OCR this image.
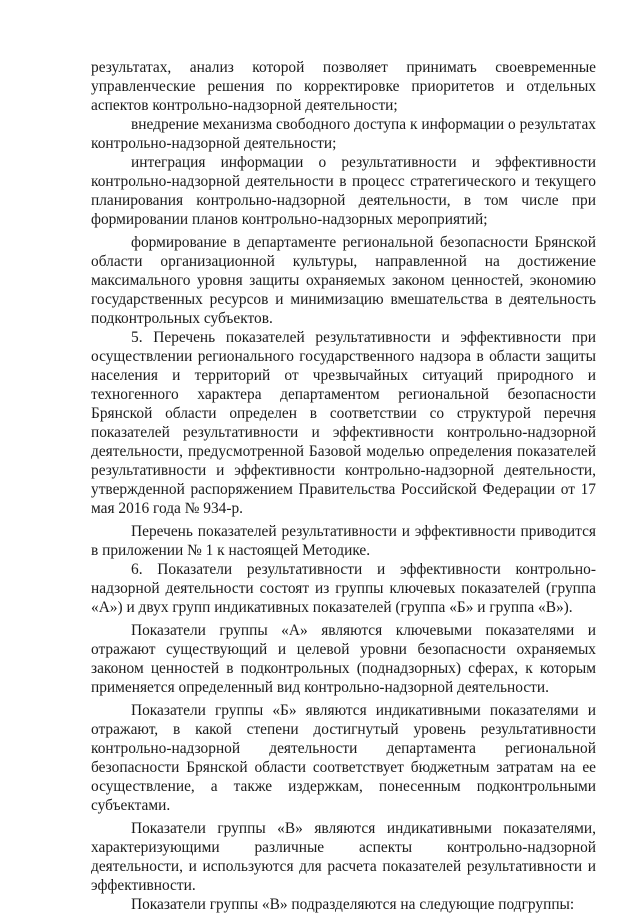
результатах, анализ которой позволяет принимать своевременные управленческие решения по корректировке приоритетов и отдельных аспектов контрольно-надзорной деятельности;

внедрение механизма свободного доступа к информации о результатах контрольно-надзорной деятельности;

интеграция информации о результативности и эффективности контрольно-надзорной деятельности в процесс стратегического и текущего планирования контрольно-надзорной деятельности, в том числе при формировании планов контрольно-надзорных мероприятий;

формирование в департаменте региональной безопасности Брянской области организационной культуры, направленной на достижение максимального уровня защиты охраняемых законом ценностей, экономию государственных ресурсов и минимизацию вмешательства в деятельность подконтрольных субъектов.

5. Перечень показателей результативности и эффективности при осуществлении регионального государственного надзора в области защиты населения и территорий от чрезвычайных ситуаций природного и техногенного характера департаментом региональной безопасности Брянской области определен в соответствии со структурой перечня показателей результативности и эффективности контрольно-надзорной деятельности, предусмотренной Базовой моделью определения показателей результативности и эффективности контрольно-надзорной деятельности, утвержденной распоряжением Правительства Российской Федерации от 17 мая 2016 года № 934-р.

Перечень показателей результативности и эффективности приводится в приложении № 1 к настоящей Методике.

6. Показатели результативности и эффективности контрольно-надзорной деятельности состоят из группы ключевых показателей (группа «А») и двух групп индикативных показателей (группа «Б» и группа «В»).

Показатели группы «А» являются ключевыми показателями и отражают существующий и целевой уровни безопасности охраняемых законом ценностей в подконтрольных (поднадзорных) сферах, к которым применяется определенный вид контрольно-надзорной деятельности.

Показатели группы «Б» являются индикативными показателями и отражают, в какой степени достигнутый уровень результативности контрольно-надзорной деятельности департамента региональной безопасности Брянской области соответствует бюджетным затратам на ее осуществление, а также издержкам, понесенным подконтрольными субъектами.

Показатели группы «В» являются индикативными показателями, характеризующими различные аспекты контрольно-надзорной деятельности, и используются для расчета показателей результативности и эффективности.

Показатели группы «В» подразделяются на следующие подгруппы:
